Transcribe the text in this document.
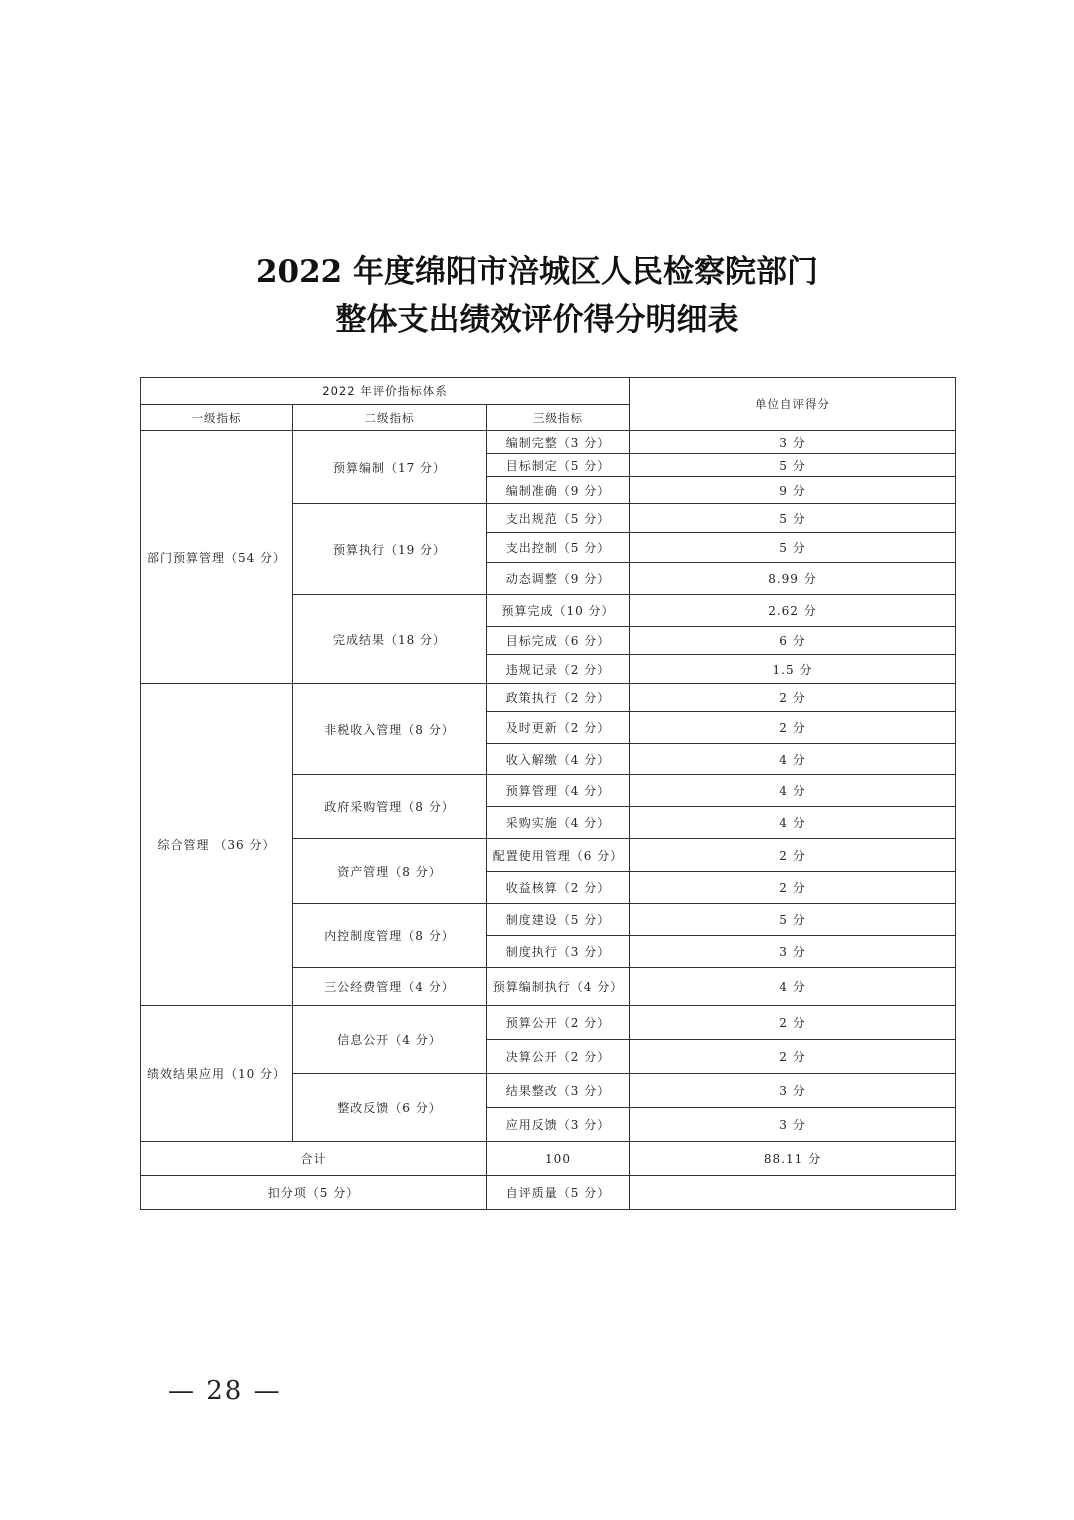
2022 年度绵阳市涪城区人民检察院部门
整体支出绩效评价得分明细表
2022 年评价指标体系			单位自评得分
一级指标	二级指标	三级指标	
部门预算管理（54 分）	预算编制（17 分）	编制完整（3 分）	3 分
		目标制定（5 分）	5 分
		编制准确（9 分）	9 分
	预算执行（19 分）	支出规范（5 分）	5 分
		支出控制（5 分）	5 分
		动态调整（9 分）	8.99 分
	完成结果（18 分）	预算完成（10 分）	2.62 分
		目标完成（6 分）	6 分
		违规记录（2 分）	1.5 分
综合管理 （36 分）	非税收入管理（8 分）	政策执行（2 分）	2 分
		及时更新（2 分）	2 分
		收入解缴（4 分）	4 分
	政府采购管理（8 分）	预算管理（4 分）	4 分
		采购实施（4 分）	4 分
	资产管理（8 分）	配置使用管理（6 分）	2 分
		收益核算（2 分）	2 分
	内控制度管理（8 分）	制度建设（5 分）	5 分
		制度执行（3 分）	3 分
	三公经费管理（4 分）	预算编制执行（4 分）	4 分
绩效结果应用（10 分）	信息公开（4 分）	预算公开（2 分）	2 分
		决算公开（2 分）	2 分
	整改反馈（6 分）	结果整改（3 分）	3 分
		应用反馈（3 分）	3 分
合计		100	88.11 分
扣分项（5 分）		自评质量（5 分）	
— 28 —
